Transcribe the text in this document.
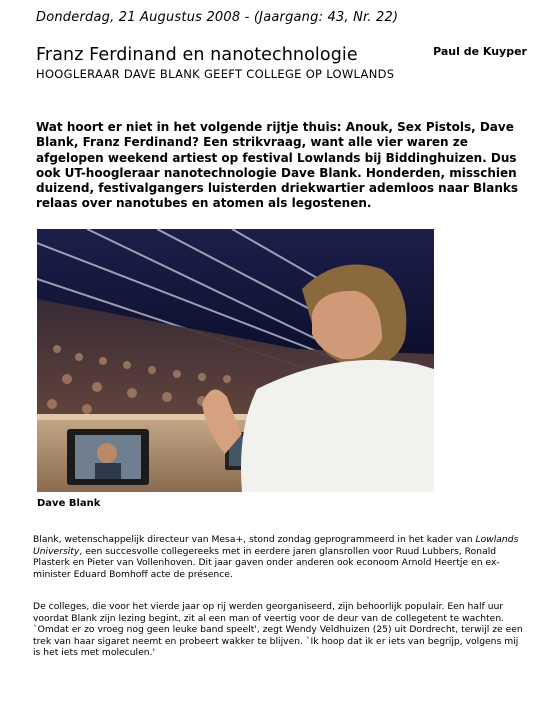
Donderdag, 21 Augustus 2008 - (Jaargang: 43, Nr. 22)
Franz Ferdinand en nanotechnologie
HOOGLERAAR DAVE BLANK GEEFT COLLEGE OP LOWLANDS
Paul de Kuyper

Wat hoort er niet in het volgende rijtje thuis: Anouk, Sex Pistols, Dave Blank, Franz Ferdinand? Een strikvraag, want alle vier waren ze afgelopen weekend artiest op festival Lowlands bij Biddinghuizen. Dus ook UT-hoogleraar nanotechnologie Dave Blank. Honderden, misschien duizend, festivalgangers luisterden driekwartier ademloos naar Blanks relaas over nanotubes en atomen als legostenen.

Dave Blank

Blank, wetenschappelijk directeur van Mesa+, stond zondag geprogrammeerd in het kader van Lowlands University, een succesvolle collegereeks met in eerdere jaren glansrollen voor Ruud Lubbers, Ronald Plasterk en Pieter van Vollenhoven. Dit jaar gaven onder anderen ook econoom Arnold Heertje en ex-minister Eduard Bomhoff acte de présence.

De colleges, die voor het vierde jaar op rij werden georganiseerd, zijn behoorlijk populair. Een half uur voordat Blank zijn lezing begint, zit al een man of veertig voor de deur van de collegetent te wachten. `Omdat er zo vroeg nog geen leuke band speelt', zegt Wendy Veldhuizen (25) uit Dordrecht, terwijl ze een trek van haar sigaret neemt en probeert wakker te blijven. `Ik hoop dat ik er iets van begrijp, volgens mij is het iets met moleculen.'
